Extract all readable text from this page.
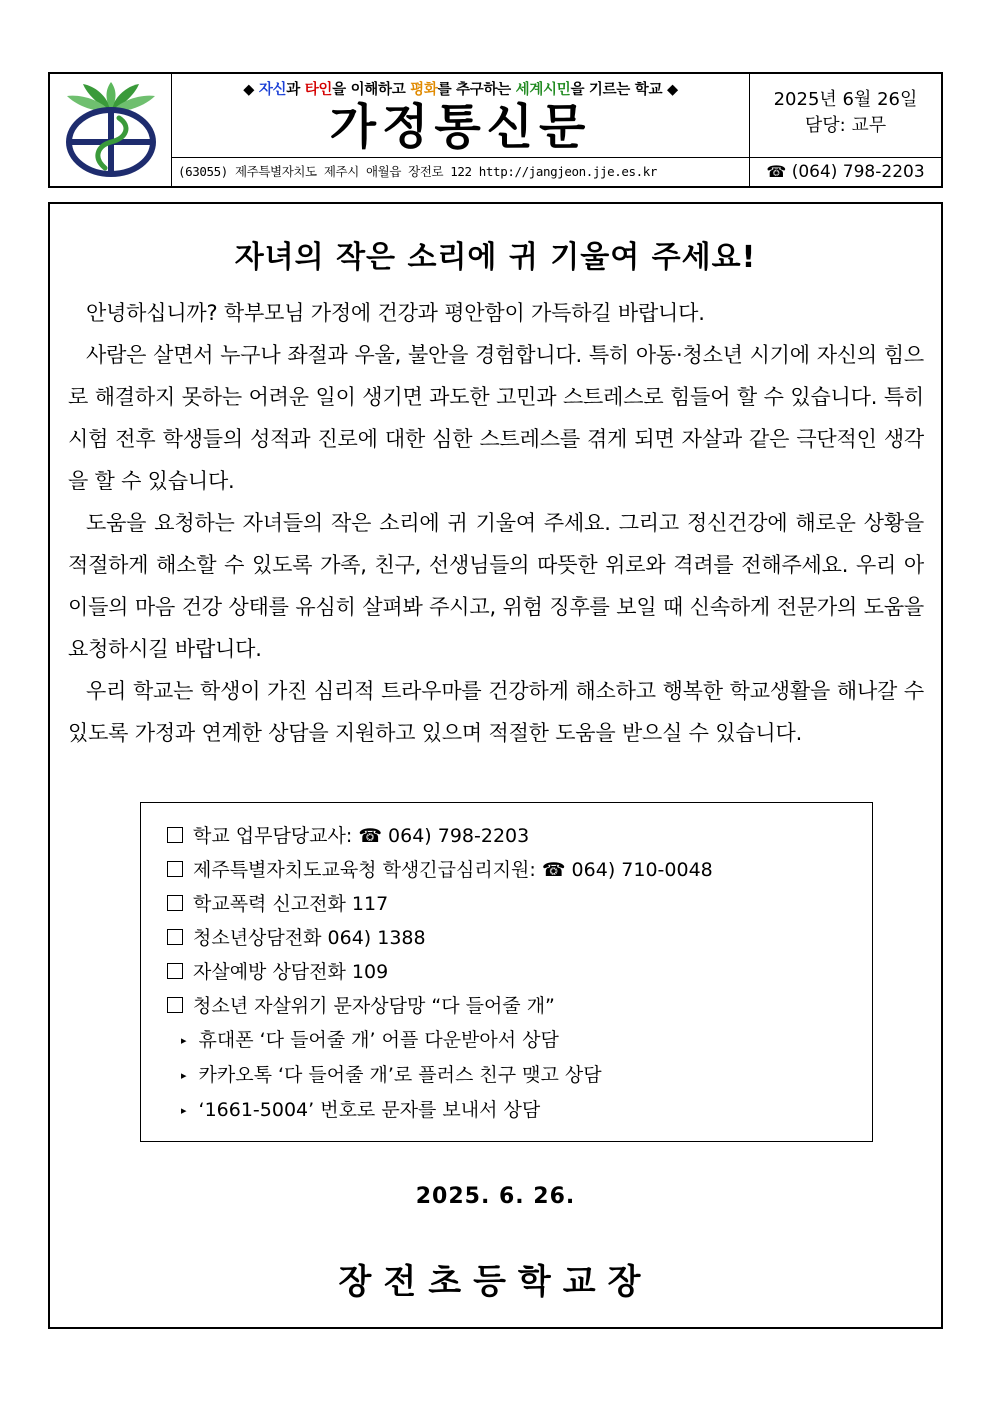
◆ 자신과 타인을 이해하고 평화를 추구하는 세계시민을 기르는 학교 ◆
가정통신문	2025년 6월 26일
담당: 교무
(63055) 제주특별자치도 제주시 애월읍 장전로 122 http://jangjeon.jje.es.kr	☎ (064) 798-2203
자녀의 작은 소리에 귀 기울여 주세요!

안녕하십니까? 학부모님 가정에 건강과 평안함이 가득하길 바랍니다.

사람은 살면서 누구나 좌절과 우울, 불안을 경험합니다. 특히 아동·청소년 시기에 자신의 힘으로 해결하지 못하는 어려운 일이 생기면 과도한 고민과 스트레스로 힘들어 할 수 있습니다. 특히 시험 전후 학생들의 성적과 진로에 대한 심한 스트레스를 겪게 되면 자살과 같은 극단적인 생각을 할 수 있습니다.

도움을 요청하는 자녀들의 작은 소리에 귀 기울여 주세요. 그리고 정신건강에 해로운 상황을 적절하게 해소할 수 있도록 가족, 친구, 선생님들의 따뜻한 위로와 격려를 전해주세요. 우리 아이들의 마음 건강 상태를 유심히 살펴봐 주시고, 위험 징후를 보일 때 신속하게 전문가의 도움을 요청하시길 바랍니다.

우리 학교는 학생이 가진 심리적 트라우마를 건강하게 해소하고 행복한 학교생활을 해나갈 수 있도록 가정과 연계한 상담을 지원하고 있으며 적절한 도움을 받으실 수 있습니다.

학교 업무담당교사: ☎ 064) 798-2203
제주특별자치도교육청 학생긴급심리지원: ☎ 064) 710-0048
학교폭력 신고전화 117
청소년상담전화 064) 1388
자살예방 상담전화 109
청소년 자살위기 문자상담망 “다 들어줄 개”
▸ 휴대폰 ‘다 들어줄 개’ 어플 다운받아서 상담
▸ 카카오톡 ‘다 들어줄 개’로 플러스 친구 맺고 상담
▸ ‘1661-5004’ 번호로 문자를 보내서 상담
2025. 6. 26.
장전초등학교장
